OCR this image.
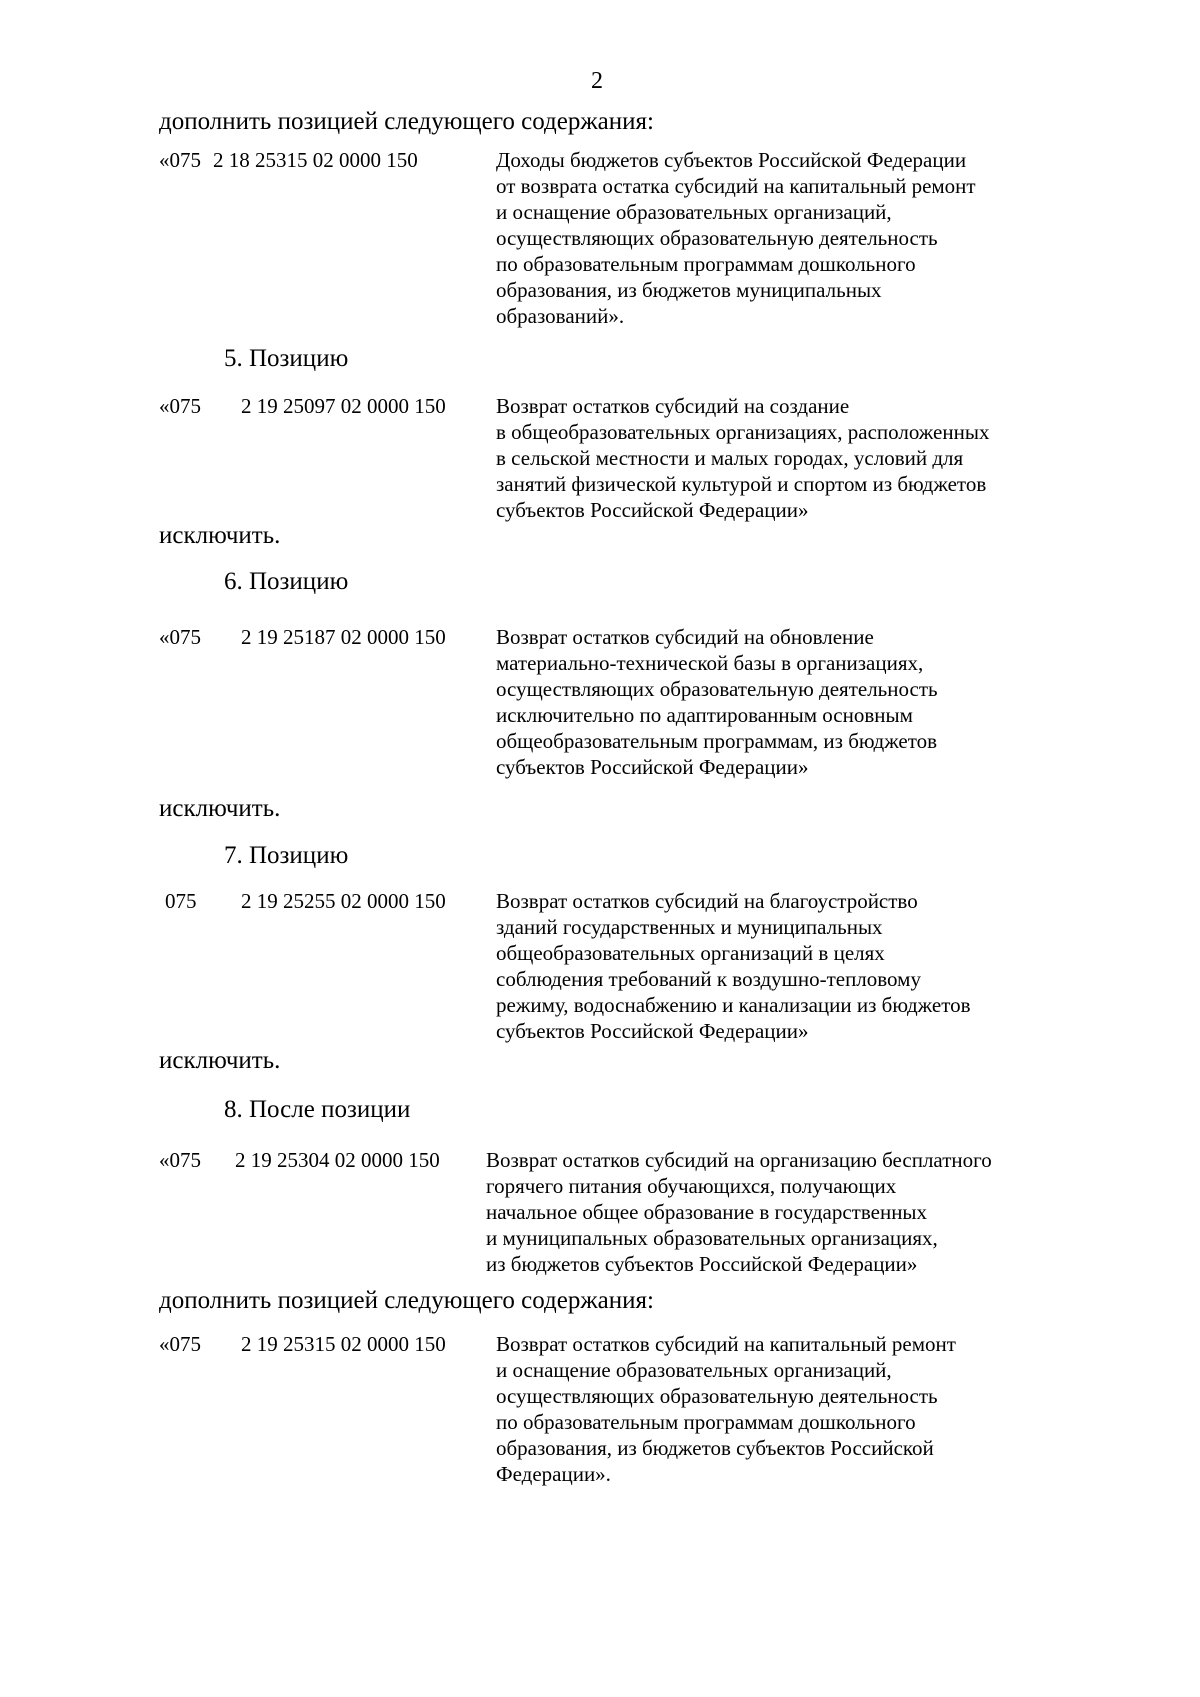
2
дополнить позицией следующего содержания:
«075 2 18 25315 02 0000 150	Доходы бюджетов субъектов Российской Федерации
от возврата остатка субсидий на капитальный ремонт
и оснащение образовательных организаций,
осуществляющих образовательную деятельность
по образовательным программам дошкольного
образования, из бюджетов муниципальных
образований».
5. Позицию
«075 2 19 25097 02 0000 150 Возврат остатков субсидий на создание
в общеобразовательных организациях, расположенных
в сельской местности и малых городах, условий для
занятий физической культурой и спортом из бюджетов
субъектов Российской Федерации»
исключить.
6. Позицию
«075 2 19 25187 02 0000 150 Возврат остатков субсидий на обновление
материально-технической базы в организациях,
осуществляющих образовательную деятельность
исключительно по адаптированным основным
общеобразовательным программам, из бюджетов
субъектов Российской Федерации»
исключить.
7. Позицию
075 2 19 25255 02 0000 150 Возврат остатков субсидий на благоустройство
зданий государственных и муниципальных
общеобразовательных организаций в целях
соблюдения требований к воздушно-тепловому
режиму, водоснабжению и канализации из бюджетов
субъектов Российской Федерации»
исключить.
8. После позиции
«075 2 19 25304 02 0000 150 Возврат остатков субсидий на организацию бесплатного
горячего питания обучающихся, получающих
начальное общее образование в государственных
и муниципальных образовательных организациях,
из бюджетов субъектов Российской Федерации»
дополнить позицией следующего содержания:
«075 2 19 25315 02 0000 150 Возврат остатков субсидий на капитальный ремонт
и оснащение образовательных организаций,
осуществляющих образовательную деятельность
по образовательным программам дошкольного
образования, из бюджетов субъектов Российской
Федерации».
